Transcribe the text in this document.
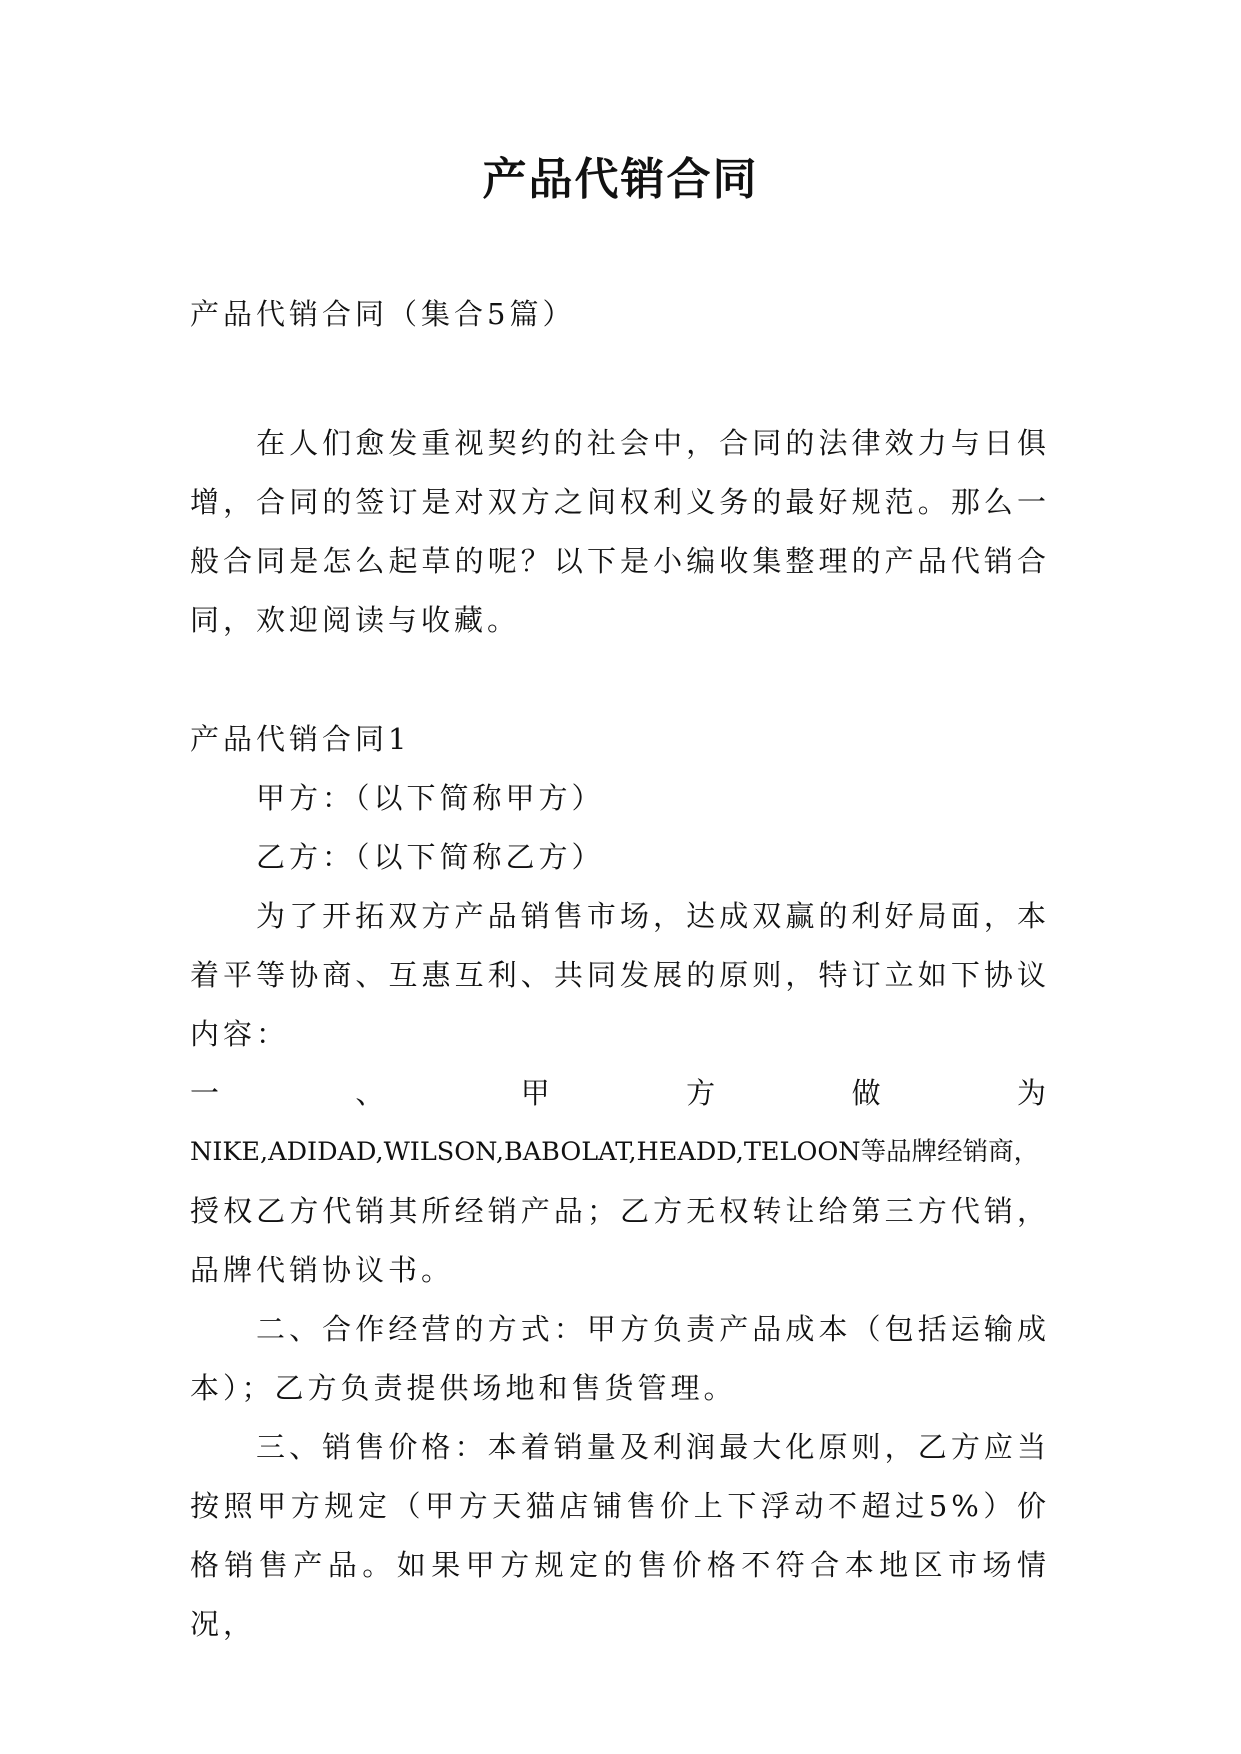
产品代销合同

产品代销合同（集合5篇）

在人们愈发重视契约的社会中，合同的法律效力与日俱增，合同的签订是对双方之间权利义务的最好规范。那么一般合同是怎么起草的呢？以下是小编收集整理的产品代销合同，欢迎阅读与收藏。

产品代销合同1

甲方：（以下简称甲方）

乙方：（以下简称乙方）

为了开拓双方产品销售市场，达成双赢的利好局面，本着平等协商、互惠互利、共同发展的原则，特订立如下协议内容：

一	、	甲	方	做	为

NIKE,ADIDAD,WILSON,BABOLAT,HEADD,TELOON等品牌经销商，

授权乙方代销其所经销产品；乙方无权转让给第三方代销，品牌代销协议书。

二、合作经营的方式：甲方负责产品成本（包括运输成本）；乙方负责提供场地和售货管理。

三、销售价格：本着销量及利润最大化原则，乙方应当按照甲方规定（甲方天猫店铺售价上下浮动不超过5%）价格销售产品。如果甲方规定的售价格不符合本地区市场情况，
